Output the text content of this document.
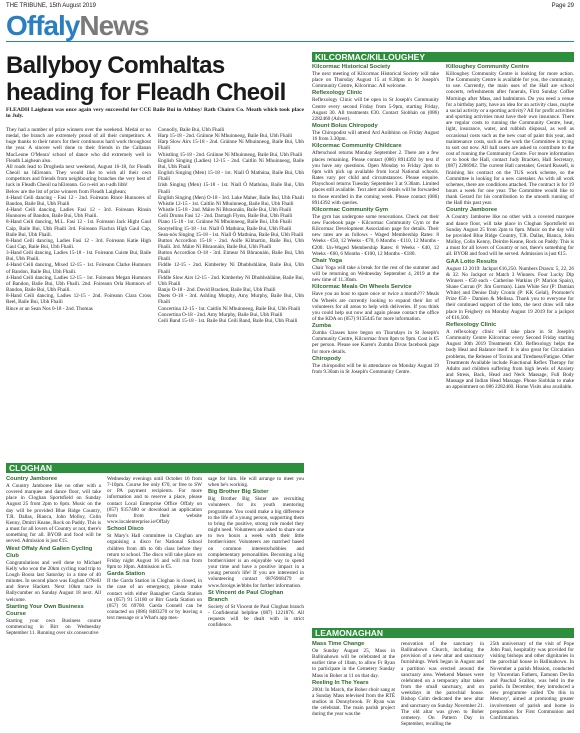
THE TRIBUNE, 15th August 2019	Page 29
OffalyNews
Ballyboy Comhaltas heading for Fleadh Cheoil
FLEADH Laighean was once again very successful for CCE Baile Bui in Athboy/ Rath Chairn Co. Meath which took place in July.
They had a number of prize winners over the weekend. Medal or no medal, the branch are extremely proud of all their competitors. A huge thanks to their tutors for their continuous hard work throughout the year. A sincere well done to their friends in the Callanan MacLeone O'Meara' school of dance who did extremely well in Fleadh Laighean also.
All roads lead to Drogheda next weekend, August 16-18, for Fleadh Cheoil na hEireann. They would like to wish all their own competitors and friends from neighbouring branches the very best of luck in Fleadh Cheoil na hEireann. Go n-eiri an t-adh libh!
Below are the list of prize winners from Fleadh Laighean;
4-Hand Ceili dancing - Fasi 12 - 2nd. Foireann Rince Hunnores of Bandon, Baile Bui, Ubh Fhaili
4-Hand Ceili dancing, Ladies Fasi 12 - 3rd. Foireann Rinsin Hunnores of Bandon, Baile Bui, Ubh Fhaili.
8-Hand Ceili dancing, M.L. Fasi 12 - 1st. Foireann Jack Hight Gaul Caip, Baile Bui, Ubh Fhaili 3rd. Foireann Fiachra High Gaul Cap, Baile Bui, Ubh Fhaili.
8-Hand Ceili dancing, Ladies Fasi 12 - 3rd. Foireann Katie High Gaul Cap, Baile Bui, Ubh Fhaili.
3-Hand Ceili dancing, Ladies 15-18 - 1st. Foireann Cuiste Bui, Baile Bui, Ubh Fhaili.
4-Hand Ceili dancing, Mixed 12-15 - 1st. Foireann Clarke Humnors of Bandon, Baile Bui, Ubh Fhaili.
4-Hand Ceili dancing, Ladies 12-15 - 1st. Foireann Megan Humnors of Bandon, Baile Bui, Ubh Fhaili. 2nd. Foireann Orla Humnors of Bandon, Baile Bui, Ubh Fhaili.
8-Hand Ceili dancing, Ladies 12-15 - 2nd. Foireann Ciara Cross Reel, Baile Bui, Ubh Fhaili
Rince ar an Sean Nos 0-18 - 2nd. Thomas
Connolly, Baile Bui, Ubh Fhaili
Harp 15-18 - 2nd. Gráinne Ní Mhuinneog, Baile Bui, Ubh Fhaili
Harp Slow Airs 15-18 - 2nd. Gráinne Ní Mhuinneog, Baile Bui, Ubh Fhaili
Whistling 15-18 - 2nd. Gráinne Ní Mhuinneog, Baile Bui, Ubh Fhaili
English Singing (Ladies) 12-15 - 2nd. Caitlín Ní Mhuinneog, Baile Bui, Ubh Fhaili
English Singing (Men) 15-18 - 1st. Niall Ó Mathúna, Baile Bui, Ubh Fhaili
Irish Singing (Men) 15-18 - 1st. Niall Ó Mathúna, Baile Bui, Ubh Fhaili
English Singing (Men) O-18 - 3rd. Luke Maher, Baile Bui, Ubh Fhaili
Whistle 12-15 - 1st. Caitlín Ní Mhuinneog, Baile Bui, Ubh Fhaili
Whistle 15-18 - 2nd. Máire Ní Bhraonáin, Baile Bui, Ubh Fhaili
Ceili Drums Fasi 12 - 2nd. Darragh Flynn, Baile Bui, Ubh Fhaili
Piano 15-18 - 1st. Gráinne Ní Mhuinneog, Baile Bui, Ubh Fhaili
Storytelling 15-18 - 1st. Niall Ó Mathúna, Baile Bui, Ubh Fhaili
Sean-nós Singing 15-18 - 1st. Niall Ó Mathúna, Baile Bui, Ubh Fhaili
Button Accordion 15-18 - 2nd. Aoife Kilmartin, Baile Bui, Ubh Fhaili. 3rd. Máire Ní Bhraonáin, Baile Bui, Ubh Fhaili
Button Accordion O-18 - 3rd. Eimear Ní Bhraonáin, Baile Bui, Ubh Fhaili
Fiddle 12-15 - 2nd. Kimberley Ní Dhubhshláine, Baile Bui, Ubh Fhaili
Fiddle Slow Airs 12-15 - 2nd. Kimberley Ní Dhubhshláine, Baile Bui, Ubh Fhaili
Banjo O-18 - 2nd. David Bracken, Baile Bui, Ubh Fhaili
Duets O-18 - 3rd. Ashling Murphy, Amy Murphy, Baile Bui, Ubh Fhaili
Concertina 12-15 - 1st. Caitlín Ní Mhuinneog, Baile Bui, Ubh Fhaili
Concertina O-18 - 2nd. Amy Murphy, Baile Bui, Ubh Fhaili
Ceili Band 15-18 - 1st. Baile Bui Ceili Band, Baile Bui, Ubh Fhaili
CLOGHAN
Country Jamboree
A Country Jamboree like no other with a covered marquee and dance floor, will take place in Cloghan Sportsfield on Sunday August 25 from 2pm to 6pm. Music on the day will be provided Blue Ridge Country, T.R. Dallas, Bianca, John Molloy, Colin Kenny, Dmitri Keane, Rock on Paddy. This is a must for all lovers of Country or not, there's something for all. BYOB and food will be served. Admission is just €15.
West Offaly And Galien Cycling Club
Congratulations and well done to Michael Kelly who won the 20km cycling road trip to Lough Boora last Saturday in a time of 40 minutes. In second place was Eoghan O'Neill and Steve Hackett. Next 10km race in Ballycumber on Sunday August 18 next. All welcome.
Starting Your Own Business Course
Starting your own Business course commencing in Birr on Wednesday September 11. Running over six consecutive
Wednesday evenings until October 16 from 7-10pm. Course fee only €70, or free to SW or PA payment recipients. For more information and to reserve a place, please contact Local Enterprise Office Offaly on (057) 9357480 or download an application form from their website www.localenterprise.ie/Offaly
School Disco
St Mary's Hall committee in Cloghan are organising a disco for National School children from 4th to 6th class before they return to school. The disco will take place on Friday night August 16 and will run from 8pm to 10pm. Admission is €5.
Garda Station
If the Garda Station in Cloghan is closed, in the case of an emergency, please make contact with either Banagher Garda Station on (057) 91 51180 or Birr Garda Station on (057) 91 69700. Garda Connell can be contacted on (086) 8483270 or by leaving a text message or a What's app mes-
sage for him. He will arrange to meet you when he's working.
Big Brother Big Sister
Big Brother Big Sister are recruiting volunteers for its youth mentoring programme. You could make a big difference to the life of a young person, supporting them to bring the positive, strong role model they might need. Volunteers are asked to share one to two hours a week with their little brother/sister. Volunteers are matched based on common interests/hobbies and complementary personalities. Becoming a big brother/sister is an enjoyable way to spend your time and have a positive impact in a young person's life! If you are interested in volunteering contact 0876968479 or www.foroige.ie/bbbs for further information.
St Vincent de Paul Cloghan Branch
Society of St Vincent de Paul Cloghan branch - Confidential helpline (087) 1221876. All requests will be dealt with in strict confidence.
KILCORMAC/KILLOUGHEY
Kilcormac Historical Society
The next meeting of Kilcormac Historical Society will take place on Thursday August 15 at 8.30pm in St Joseph's Community Centre, Kilcormac. All welcome.
Reflexology Clinic
Reflexology Clinic will be open in St Joseph's Community Centre every second Friday from 5-9pm, starting Friday, August 30. All treatments €30. Contact Siobhán on (086) 2282460 (Advert).
Mount Bolus Chiropody
The Chiropodist will attend Ard Aoibhinn on Friday August 16 from 3.30pm.
Kilcormac Community Childcare
Afterschool returns Monday September 2. There are a few places remaining. Please contact (086) 8914392 by text if you have any questions. Open Monday to Friday 2pm to 6pm with pick up available from local National schools. Rates vary per child and circumstances. Please enquire. Playschool returns Tuesday September 3 at 9.30am. Limited places still available. Text alert and details will be forwarded to those enrolled in the coming week. Please contact (086) 8914392 with queries.
Kilcormac Community Gym
The gym has undergone some renovations. Check out their new Facebook page - Kilcormac Community Gym or the Kilcormac Development Association page for details. Their new rates are as follows - Waged Membership Rates: 8 Weeks - €50, 12 Weeks - €70, 6 Months - €110, 12 Months - €200. Un-Waged Membership Rates: 8 Weeks - €40, 12 Weeks - €60, 6 Months - €100, 12 Months - €180.
Chair Yoga
Chair Yoga will take a break for the rest of the summer and will be returning on Wednesday September 4, 2019 at the new time of 11.30am.
Kilcormac Meals On Wheels Service
Have you an hour to spare once or twice a month??? Meals On Wheels are currently looking to expand their list of volunteers for all areas to help with deliveries. If you think you could help out now and again please contact the office of the KDA on (057) 9135445 for more information.
Zumba
Zumba Classes have begun on Thursdays in St Joseph's Community Centre, Kilcormac from 8pm to 9pm. Cost is €5 per person. Please see Karen's Zumba Divas facebook page for more details.
Chiropody
The chiropodist will be in attendance on Monday August 19 from 9.30am in St Joseph's Community Centre.
Killoughey Community Centre
Killoughey Community Centre is looking for more action. The Community Centre is available for you, the community, to use. Currently, the main uses of the Hall are school concerts, refreshments after funerals, First Sunday Coffee Mornings after Mass, and badminton. Do you need a venue for a birthday party, have an idea for an activity class, maybe a social activity or a sporting activity? All for profit activities and sporting activities must have their own insurance. There are regular costs to running the Community Centre, heat, light, insurance, water, and rubbish disposal, as well as occasional costs such as the new coat of paint this year, and maintenance costs, such as the work the Committee is trying to sort out now. All hall users are asked to contribute to the cost of running the Community Centre. For more information or to book the Hall, contact Judy Bracken, Hall Secretary, (087) 2286982. The current Hall caretaker, Gerard Russell, is finishing his contract on the TUS work scheme, so the Committee is looking for a new caretaker. As with all work schemes, there are conditions attached. The contract is for 19 hours a week for one year. The Committee would like to thank Gerard for his contribution to the smooth running of the Hall this past year.
Country Jamboree
A Country Jamboree like no other with a covered marquee and dance floor, will take place in Cloghan Sportsfield on Sunday August 25 from 2pm to 6pm. Music on the day will be provided Blue Ridge Country, T.R. Dallas, Bianca, John Molloy, Colin Kenny, Deirdre Keane, Rock on Paddy. This is a must for all lovers of Country or not, there's something for all. BYOB and food will be served. Admission is just €15.
GAA Lotto Results
August 12 2019: Jackpot €16,250. Numbers Drawn: 5, 22, 26 & 32. No Jackpot or Match 3 Winners. Four Lucky Dip Winners - €50 each - Catherine Watkins (P: Marion Spain), Shane Curran (P: Jim Gorman). Liam White Snr (P: Damian White) and Denise Daly Cronin (P: KK Gelal), Promoter's Prize €50 - Damien & Melissa. Thank you to everyone for their continued support of the lotto, the next draw will take place in Feighery on Monday August 19 2019 for a jackpot of €16,500.
Reflexology Clinic
A reflexology clinic will take place in St Joseph's Community Centre Kilcormac every Second Friday starting August 30th 2019 Treatments €30. Reflexology helps the body Heal and Balance itself. It is also great for Circulation problems, the Release of Toxins and Tiredness/Fatigue. Other Treatments Available include Functional Reflex Therapy for Adults and children suffering from high levels of Anxiety and Stress, Back, Head and Neck Massage, Full Body Massage and Indian Head Massage. Phone Siobhán to make an appointment on 086 2282460. Home Visits also available.
LEAMONAGHAN
Mass Time Change
On Sunday August 25, Mass in Ballinahown will be celebrated at the earlier time of 10am, to allow Fr Ryan to participate in the Cemetery Sunday Mass in Boher at 11 on that day.
Reeling In The Years
2004: In March, the Boher choir sang at a Sunday Mass televised from the RTÉ studios in Donnybrook. Fr Ryan was the celebrant. The main parish project during the year was the
renovation of the sanctuary in Ballinahown Church, including the provision of a new altar and sanctuary furnishings. Work began in August and a partition was erected around the sanctuary area. Weekend Masses were celebrated on a temporary altar taken from the small sanctuary, and on weekdays in the parochial house. Bishop Colm dedicated the new altar and sanctuary on Sunday November 21. The old altar was given to Boher cemetery. On Pattern Day in September, recalling the
25th anniversary of the visit of Pope John Paul, hospitality was provided for visiting bishops and other dignitaries in the parochial house in Ballinahown. In November a parish Mission, conducted by Vincentian Fathers, Eamonn Devlin and Paschal Scallon, was held in the parish. In December, they introduced a new programme called 'Do this in Memory', aimed at promoting greater involvement of parish and home in preparation for First Communion and Confirmation.
